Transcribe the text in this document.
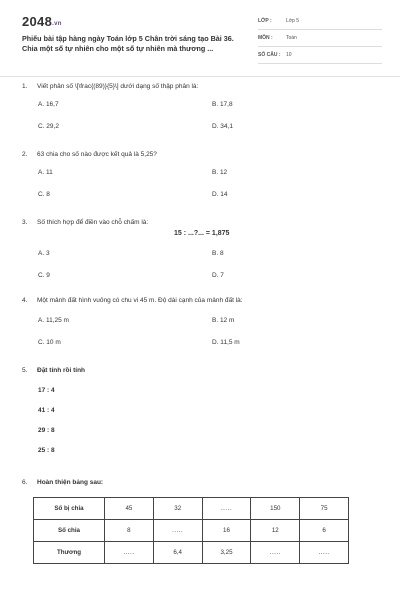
2048.vn
Phiếu bài tập hàng ngày Toán lớp 5 Chân trời sáng tạo Bài 36. Chia một số tự nhiên cho một số tự nhiên mà thương ...
LỚP :	Lớp 5
MÔN :	Toán
SỐ CÂU : 10
1. Viết phân số \[\frac{(89)}{5}\] dưới dạng số thập phân là:
A. 16,7	B. 17,8
C. 29,2	D. 34,1
2. 63 chia cho số nào được kết quả là 5,25?
A. 11	B. 12
C. 8	D. 14
3. Số thích hợp để điền vào chỗ chấm là:
15 : ...?... = 1,875
A. 3	B. 8
C. 9	D. 7
4. Một mảnh đất hình vuông có chu vi 45 m. Độ dài cạnh của mảnh đất là:
A. 11,25 m	B. 12 m
C. 10 m	D. 11,5 m
5. Đặt tính rồi tính
17 : 4
41 : 4
29 : 8
25 : 8
6. Hoàn thiện bảng sau:
Số bị chia	45	32	.....	150	75
Số chia	8	.....	16	12	6
Thương	.....	6,4	3,25	.....	.....
